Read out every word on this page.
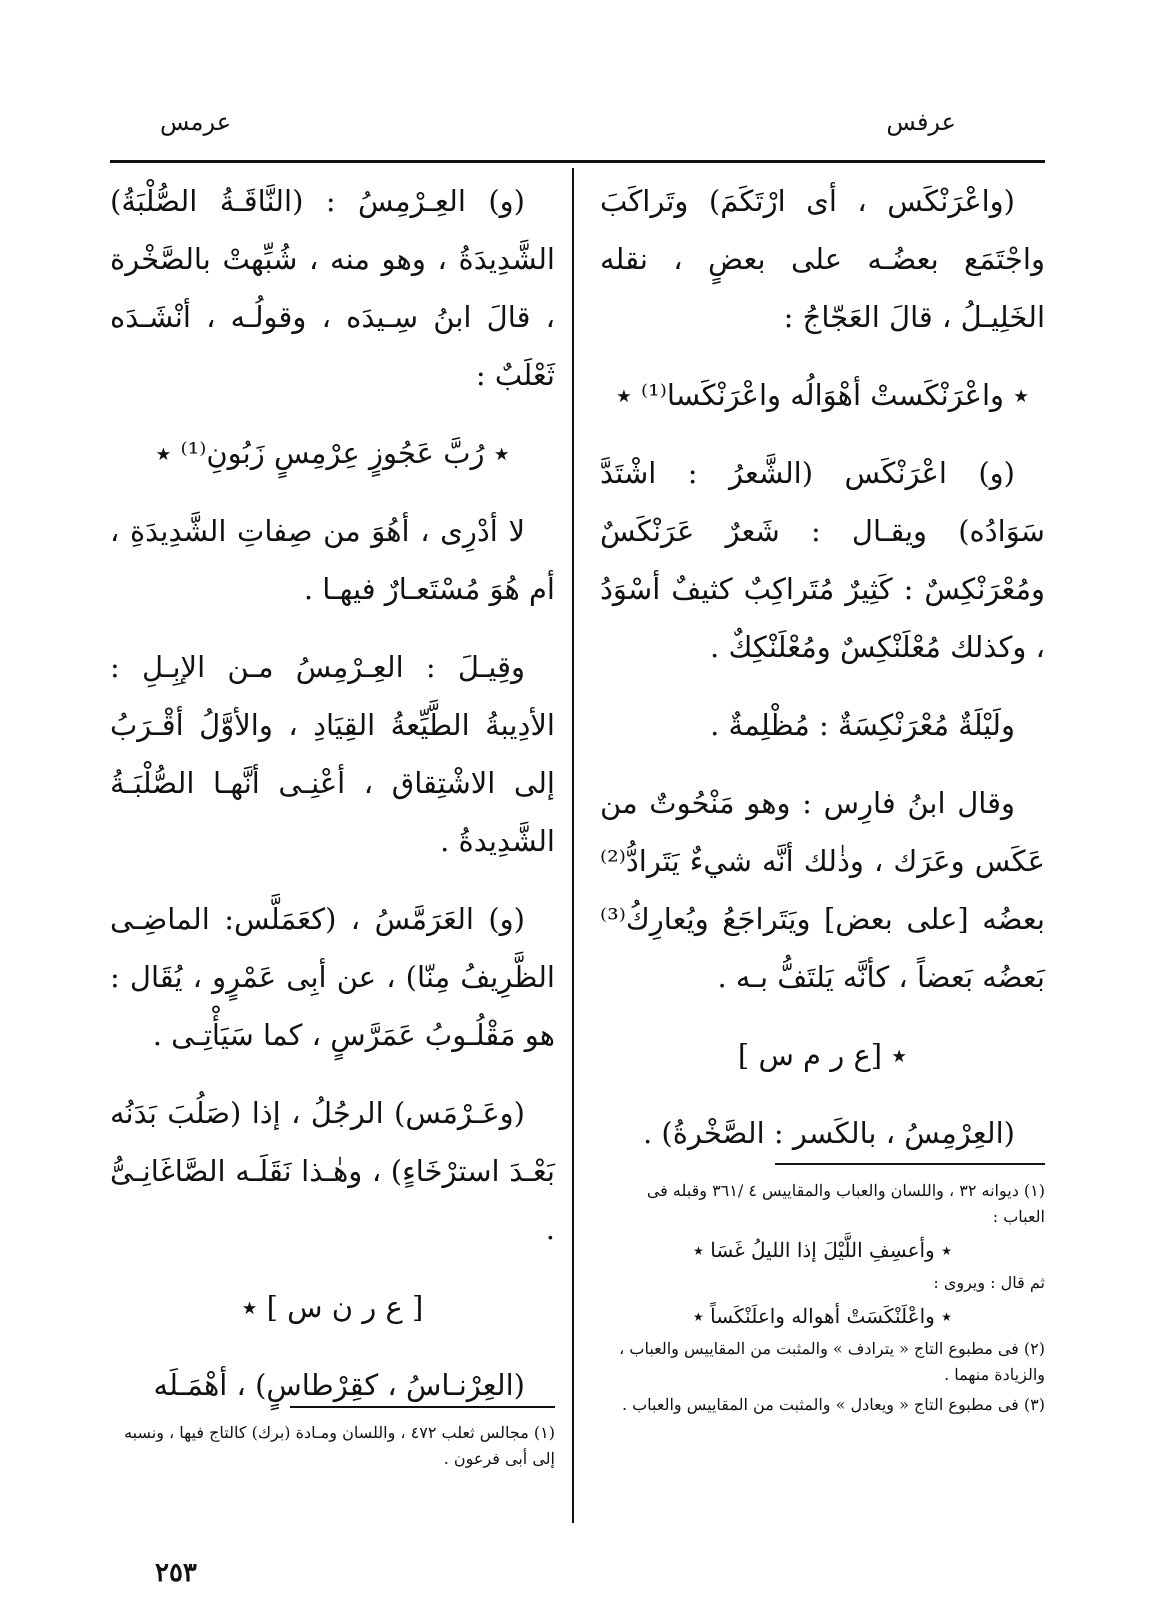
عرفس
عرمس

(واعْرَنْكَس ، أى ارْتَكَمَ) وتَراكَبَ واجْتَمَع بعضُـه على بعضٍ ، نقله الخَلِيـلُ ، قالَ العَجّاجُ :

٭ واعْرَنْكَستْ أهْوَالُه واعْرَنْكَسا⁽¹⁾ ٭

(و) اعْرَنْكَس (الشَّعرُ : اشْتَدَّ سَوَادُه) ويقـال : شَعرٌ عَرَنْكَسٌ ومُعْرَنْكِسٌ : كَثِيرٌ مُتَراكِبٌ كثيفٌ أسْوَدُ ، وكذلك مُعْلَنْكِسٌ ومُعْلَنْكِكٌ .

ولَيْلَةٌ مُعْرَنْكِسَةٌ : مُظْلِمةٌ .

وقال ابنُ فارِس : وهو مَنْحُوتٌ من عَكَس وعَرَك ، وذٰلك أنَّه شيءٌ يَتَرادُّ⁽²⁾ بعضُه [على بعض] ويَتَراجَعُ ويُعارِكُ⁽³⁾ بَعضُه بَعضاً ، كأنَّه يَلتَفُّ بـه .

٭ [ع ر م س ]

(العِرْمِسُ ، بالكَسر : الصَّخْرةُ) .

(١) ديوانه ٣٢ ، واللسان والعباب والمقاييس ٤ /٣٦١ وقبله فى العباب :

٭ وأعسِفِ اللَّيْلَ إذا الليلُ غَسَا ٭

ثم قال : ويروى :

٭ واعْلَنْكَسَتْ أهواله واعلَنْكَساً ٭

(٢) فى مطبوع التاج « يترادف » والمثبت من المقاييس والعباب ، والزيادة منهما .

(٣) فى مطبوع التاج « ويعادل » والمثبت من المقاييس والعباب .

(و) العِـرْمِسُ : (النَّاقَـةُ الصُّلْبَةُ) الشَّدِيدَةُ ، وهو منه ، شُبِّهتْ بالصَّخْرة ، قالَ ابنُ سِـيدَه ، وقولُـه ، أنْشَـدَه ثَعْلَبٌ :

٭ رُبَّ عَجُوزٍ عِرْمِسٍ زَبُونِ⁽¹⁾ ٭

لا أدْرِى ، أهُوَ من صِفاتِ الشَّدِيدَةِ ، أم هُوَ مُسْتَعـارٌ فيهـا .

وقِيـلَ : العِـرْمِسُ مـن الإبِـلِ : الأدِيبةُ الطَّيِّعةُ القِيَادِ ، والأوَّلُ أقْـرَبُ إلى الاشْتِقاق ، أعْنِـى أنَّهـا الصُّلْبَـةُ الشَّدِيدةُ .

(و) العَرَمَّسُ ، (كعَمَلَّس: الماضِـى الظَّرِيفُ مِنّا) ، عن أبِى عَمْرٍو ، يُقَال : هو مَقْلُـوبُ عَمَرَّسٍ ، كما سَيَأْتِـى .

(وعَـرْمَس) الرجُلُ ، إذا (صَلُبَ بَدَنُه بَعْـدَ استرْخَاءٍ) ، وهٰـذا نَقَلَـه الصَّاغَانِـىُّ .

[ ع ر ن س ] ٭

(العِرْنـاسُ ، كقِرْطاسٍ) ، أهْمَـلَه

(١) مجالس ثعلب ٤٧٢ ، واللسان ومـادة (برك) كالتاج فيها ، ونسبه إلى أبى فرعون .

٢٥٣
